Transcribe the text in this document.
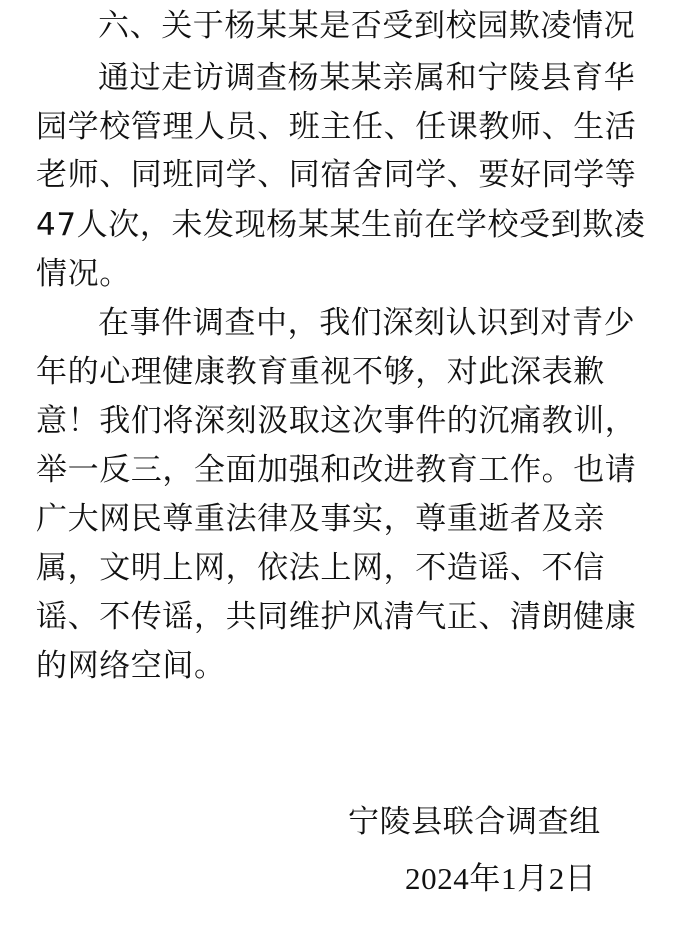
六、关于杨某某是否受到校园欺凌情况
通过走访调查杨某某亲属和宁陵县育华
园学校管理人员、班主任、任课教师、生活
老师、同班同学、同宿舍同学、要好同学等
47人次，未发现杨某某生前在学校受到欺凌
情况。
在事件调查中，我们深刻认识到对青少
年的心理健康教育重视不够，对此深表歉
意！我们将深刻汲取这次事件的沉痛教训，
举一反三，全面加强和改进教育工作。也请
广大网民尊重法律及事实，尊重逝者及亲
属，文明上网，依法上网，不造谣、不信
谣、不传谣，共同维护风清气正、清朗健康
的网络空间。
宁陵县联合调查组
2024年1月2日
